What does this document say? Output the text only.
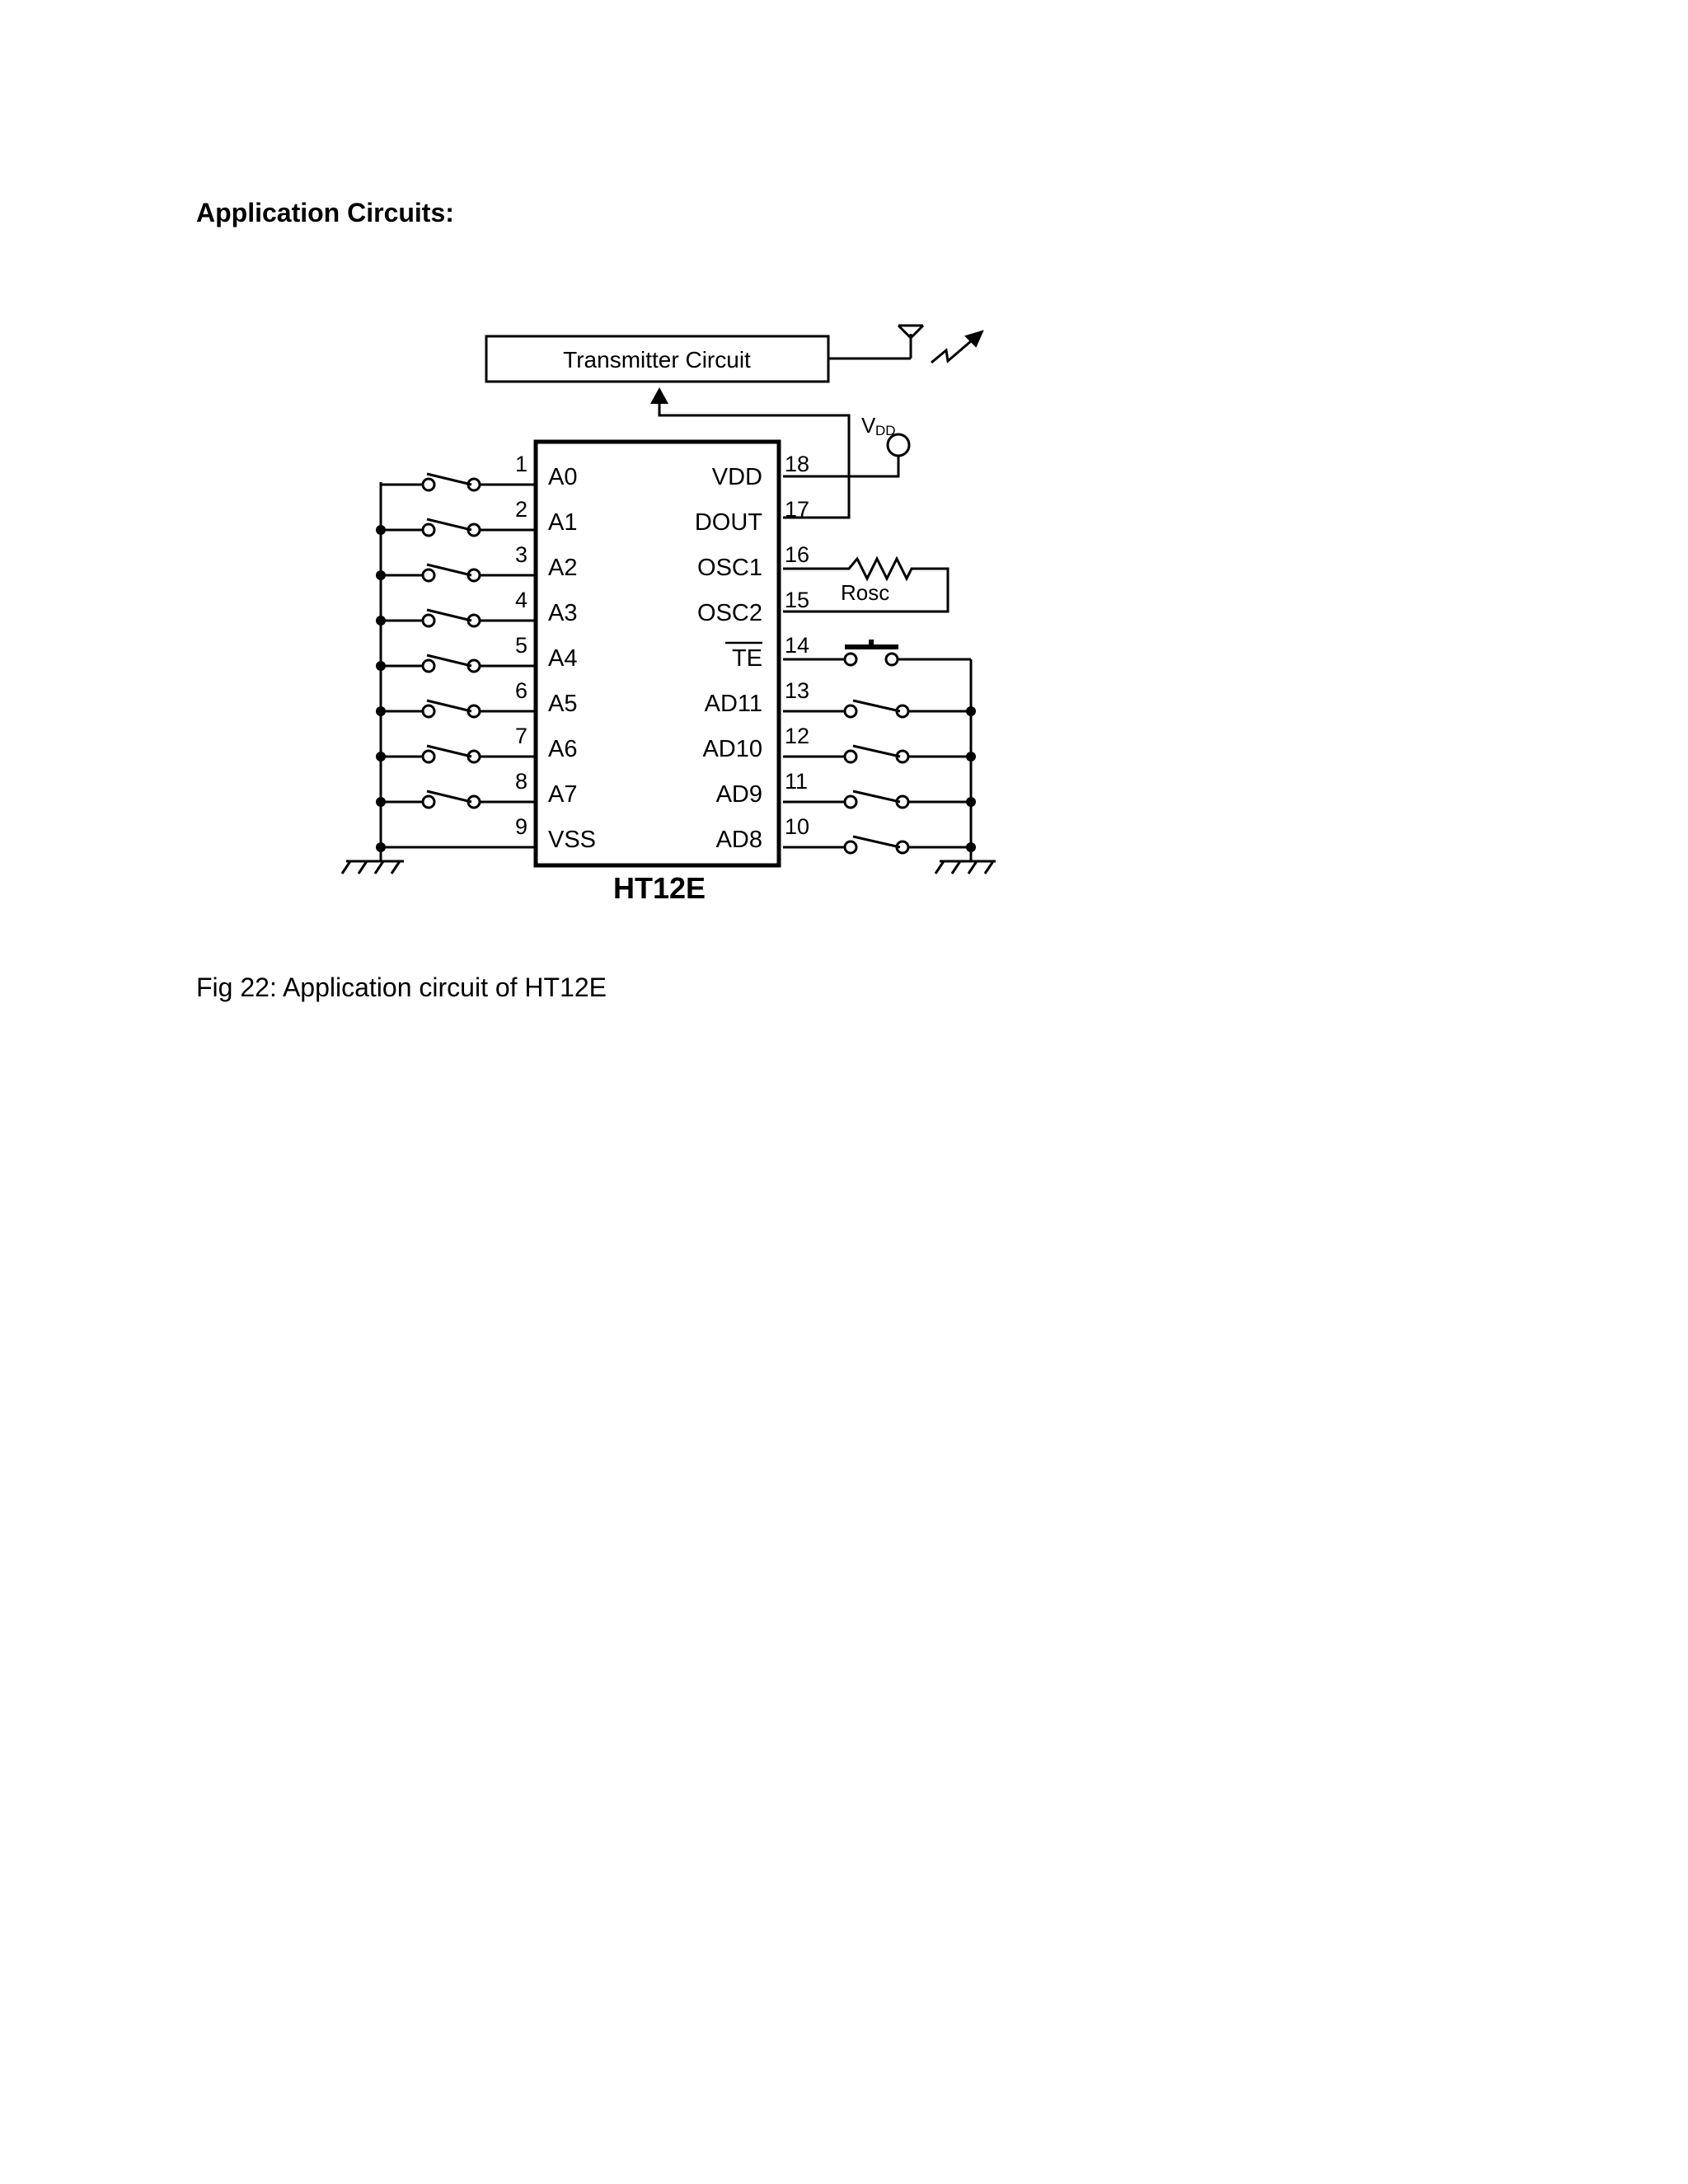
Application Circuits:
Transmitter Circuit
V DD
Rosc
HT12E
1 A0
2 A1
3 A2
4 A3
5 A4
6 A5
7 A6
8 A7
9 VSS
18
VDD
17
DOUT
16
OSC1
15
OSC2
14
TE
13
AD11
12
AD10
11
AD9
10
AD8
Fig 22: Application circuit of HT12E
